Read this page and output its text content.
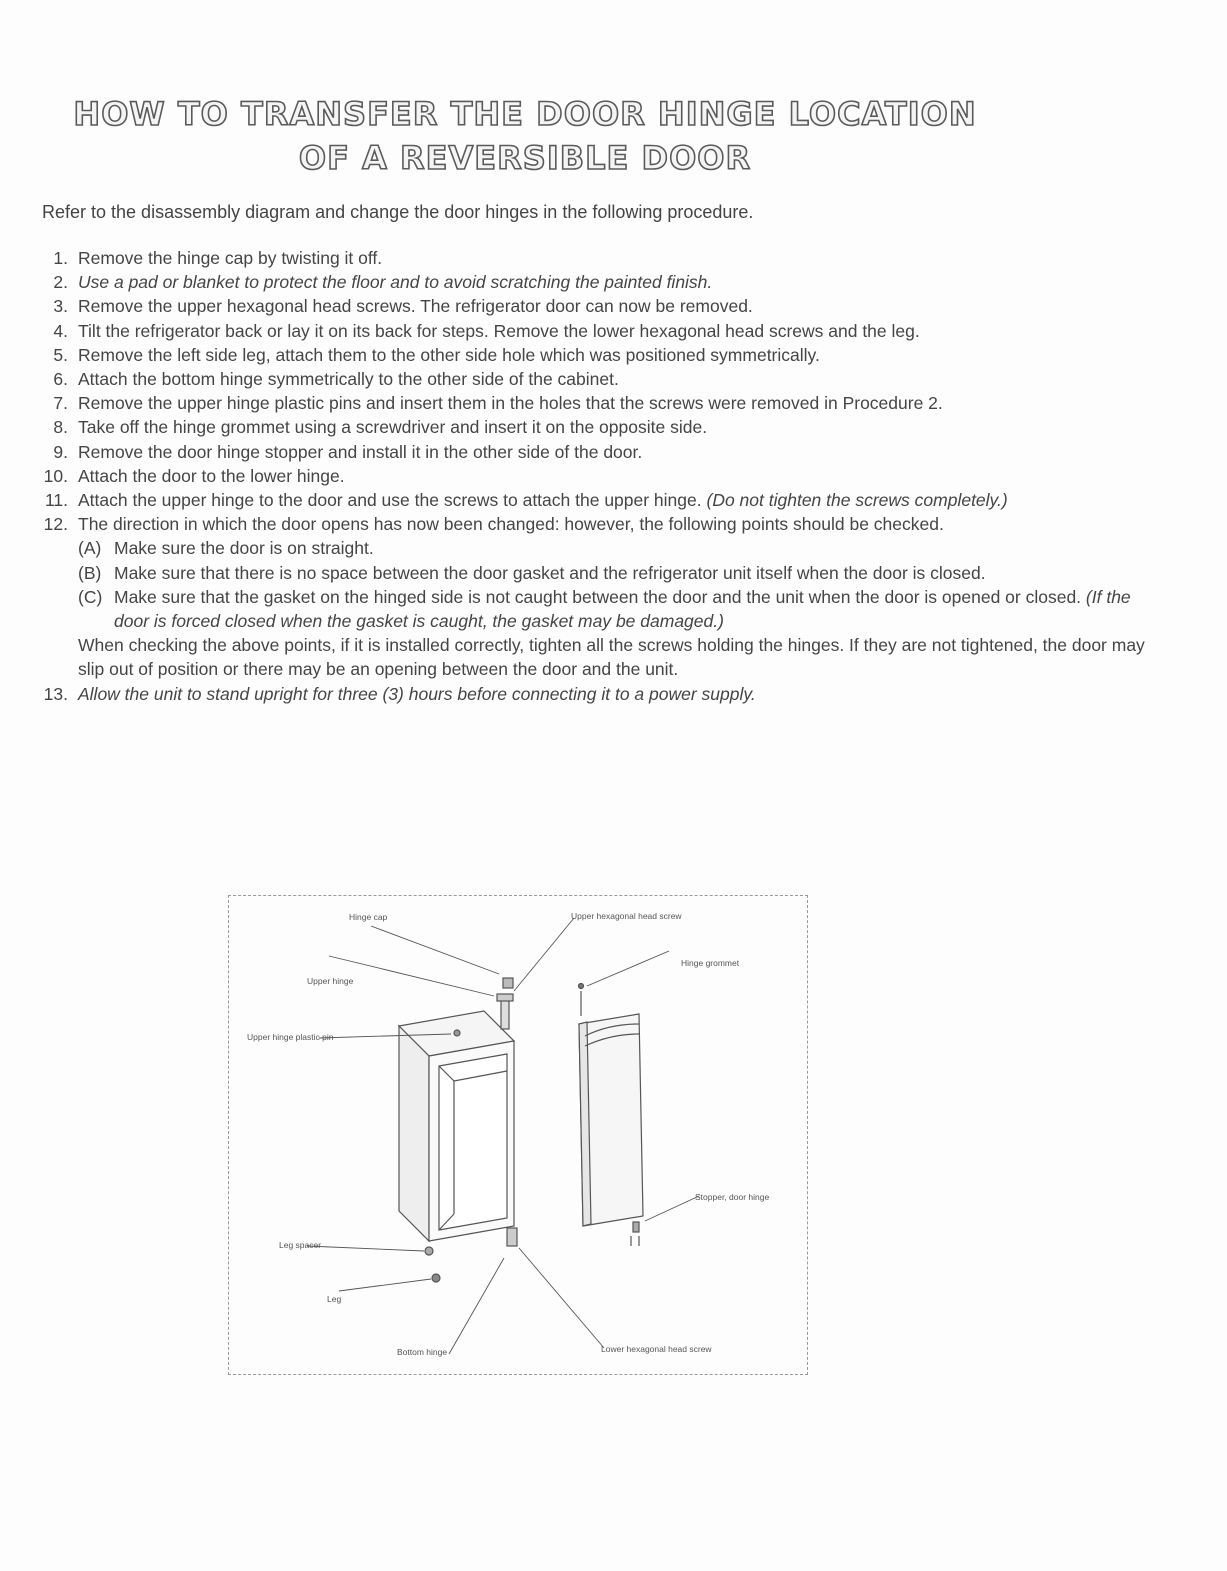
HOW TO TRANSFER THE DOOR HINGE LOCATION
OF A REVERSIBLE DOOR
Refer to the disassembly diagram and change the door hinges in the following procedure.
1. Remove the hinge cap by twisting it off.
2. Use a pad or blanket to protect the floor and to avoid scratching the painted finish.
3. Remove the upper hexagonal head screws. The refrigerator door can now be removed.
4. Tilt the refrigerator back or lay it on its back for steps. Remove the lower hexagonal head screws and the leg.
5. Remove the left side leg, attach them to the other side hole which was positioned symmetrically.
6. Attach the bottom hinge symmetrically to the other side of the cabinet.
7. Remove the upper hinge plastic pins and insert them in the holes that the screws were removed in Procedure 2.
8. Take off the hinge grommet using a screwdriver and insert it on the opposite side.
9. Remove the door hinge stopper and install it in the other side of the door.
10. Attach the door to the lower hinge.
11. Attach the upper hinge to the door and use the screws to attach the upper hinge. (Do not tighten the screws completely.)
12. The direction in which the door opens has now been changed: however, the following points should be checked.
(A) Make sure the door is on straight.
(B) Make sure that there is no space between the door gasket and the refrigerator unit itself when the door is closed.
(C) Make sure that the gasket on the hinged side is not caught between the door and the unit when the door is opened or closed. (If the door is forced closed when the gasket is caught, the gasket may be damaged.)
When checking the above points, if it is installed correctly, tighten all the screws holding the hinges. If they are not tightened, the door may slip out of position or there may be an opening between the door and the unit.
13. Allow the unit to stand upright for three (3) hours before connecting it to a power supply.
Hinge cap	Upper hexagonal head screw
Hinge grommet
Upper hinge
Upper hinge plastic pin
Stopper, door hinge
Leg spacer
Leg
Bottom hinge	Lower hexagonal head screw
